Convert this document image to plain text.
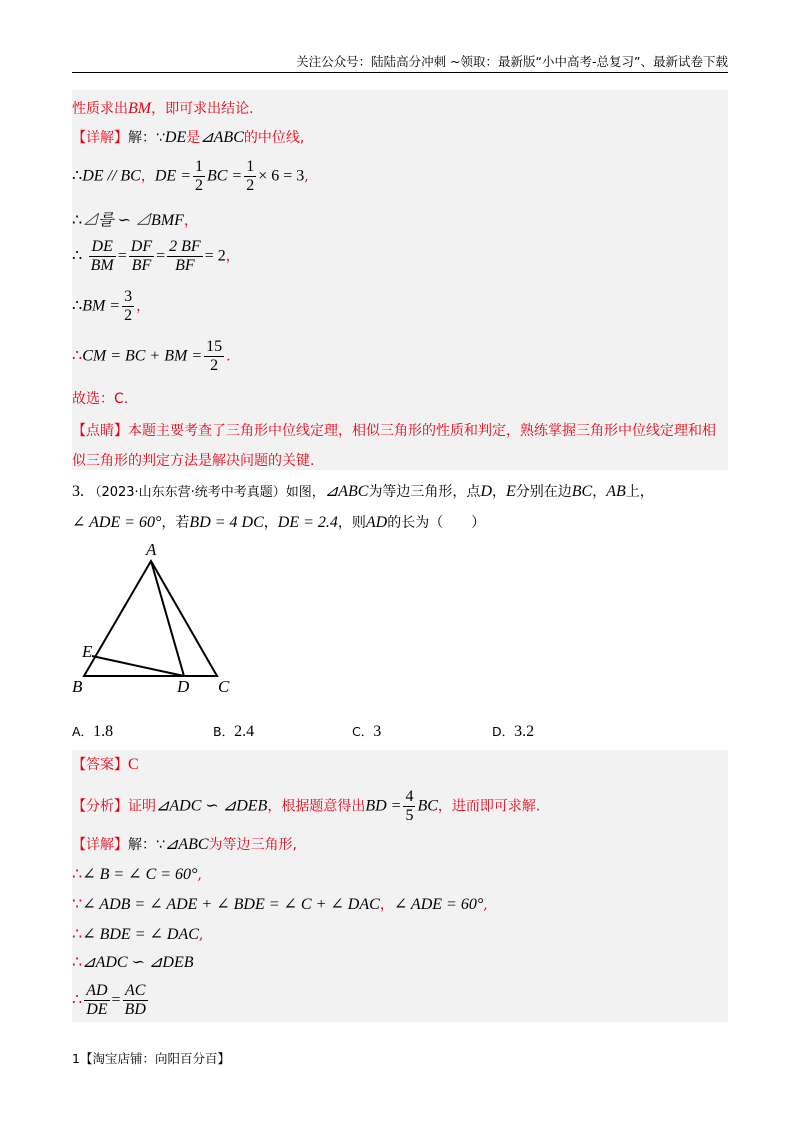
关注公众号：陆陆高分冲刺 ~领取：最新版“小中高考-总复习”、最新试卷下载
性质求出BM，即可求出结论.
【详解】解：∵DE是⊿ABC的中位线,
∴DE // BC，DE = $\frac{1}{2}$ BC = $\frac{1}{2} \times 6 = 3$,
∴⊿를 ∽ ⊿BMF，
∴ $\frac{DE}{BM} = \frac{DF}{BF} = \frac{2 BF}{BF} = 2$，
∴BM = $\frac{3}{2}$ ，
∴CM = BC + BM = $\frac{15}{2}$ .
故选：C.
【点睛】本题主要考查了三角形中位线定理，相似三角形的性质和判定，熟练掌握三角形中位线定理和相
似三角形的判定方法是解决问题的关键.
3. （2023·山东东营·统考中考真题）如图，⊿ABC为等边三角形，点D，E分别在边BC，AB上，
∠ ADE = 60°，若BD = 4 DC，DE = 2.4，则AD的长为（　　）
A
B	C
D
E
A．1.8	B．2.4	C．3	D．3.2
【答案】C
【分析】证明⊿ADC ∽ ⊿DEB，根据题意得出BD = $\frac{4}{5}$ BC，进而即可求解.
【详解】解：∵⊿ABC为等边三角形,
∴∠ B = ∠ C = 60°,
∵∠ ADB = ∠ ADE + ∠ BDE = ∠ C + ∠ DAC，∠ ADE = 60°,
∴∠ BDE = ∠ DAC,
∴⊿ADC ∽ ⊿DEB
∴ $\frac{AD}{DE} = \frac{AC}{BD}$
1【淘宝店铺：向阳百分百】
